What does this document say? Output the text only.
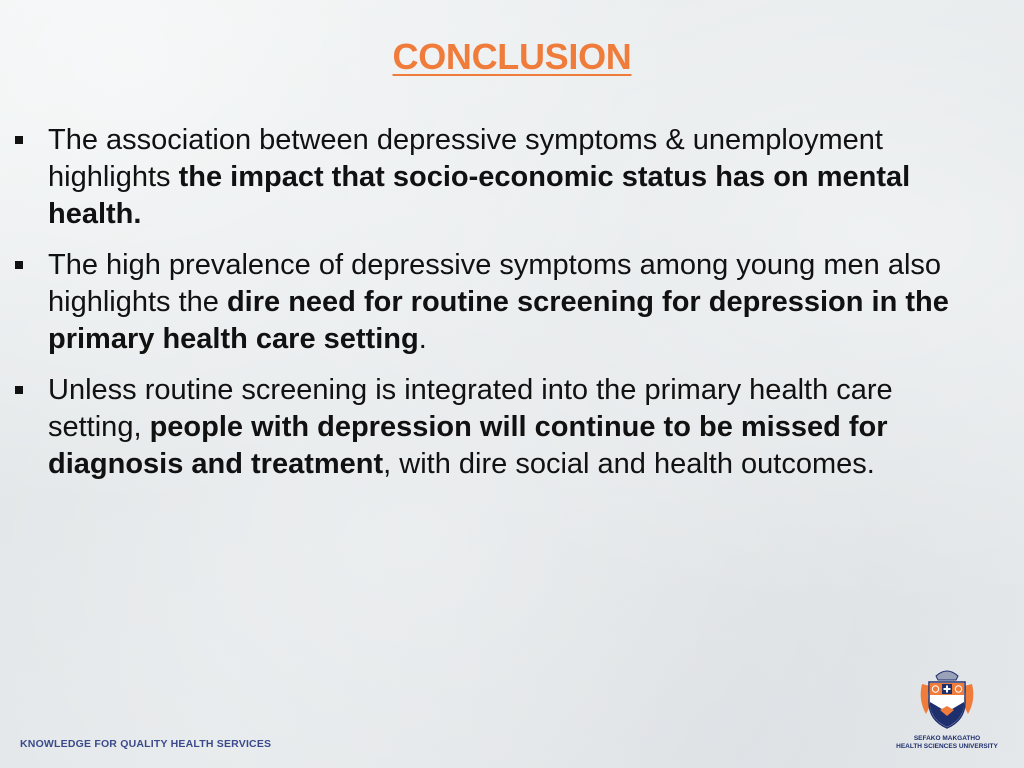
CONCLUSION
The association between depressive symptoms & unemployment highlights the impact that socio-economic status has on mental health.
The high prevalence of depressive symptoms among young men also highlights the dire need for routine screening for depression in the primary health care setting.
Unless routine screening is integrated into the primary health care setting, people with depression will continue to be missed for diagnosis and treatment, with dire social and health outcomes.
KNOWLEDGE FOR QUALITY HEALTH SERVICES	SEFAKO MAKGATHO
HEALTH SCIENCES UNIVERSITY
